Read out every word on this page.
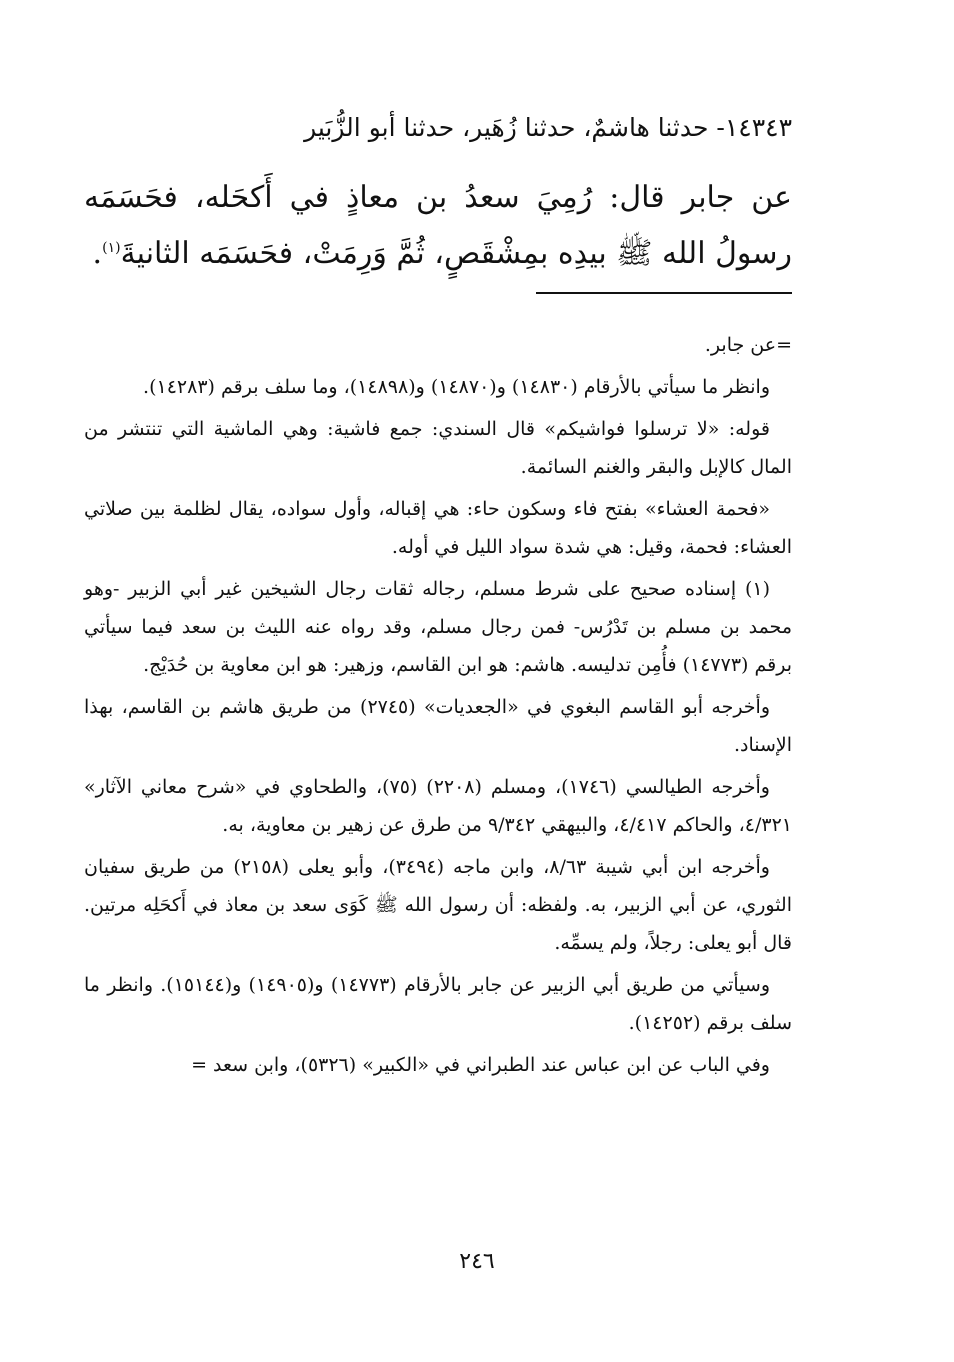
١٤٣٤٣- حدثنا هاشمٌ، حدثنا زُهَير، حدثنا أبو الزُّبَير
عن جابر قال: رُمِيَ سعدُ بن معاذٍ في أَكحَله، فحَسَمَه رسولُ الله ﷺ بيدِه بمِشْقَصٍ، ثُمَّ وَرِمَتْ، فحَسَمَه الثانيةَ$^{(١)}$.

=عن جابر.

وانظر ما سيأتي بالأرقام (١٤٨٣٠) و(١٤٨٧٠) و(١٤٨٩٨)، وما سلف برقم (١٤٢٨٣).

قوله: «لا ترسلوا فواشيكم» قال السندي: جمع فاشية: وهي الماشية التي تنتشر من المال كالإبل والبقر والغنم السائمة.

«فحمة العشاء» بفتح فاء وسكون حاء: هي إقباله، وأول سواده، يقال لظلمة بين صلاتي العشاء: فحمة، وقيل: هي شدة سواد الليل في أوله.

(١) إسناده صحيح على شرط مسلم، رجاله ثقات رجال الشيخين غير أبي الزبير -وهو محمد بن مسلم بن تَدْرُس- فمن رجال مسلم، وقد رواه عنه الليث بن سعد فيما سيأتي برقم (١٤٧٧٣) فأُمِن تدليسه. هاشم: هو ابن القاسم، وزهير: هو ابن معاوية بن حُدَيْج.

وأخرجه أبو القاسم البغوي في «الجعديات» (٢٧٤٥) من طريق هاشم بن القاسم، بهذا الإسناد.

وأخرجه الطيالسي (١٧٤٦)، ومسلم (٢٢٠٨) (٧٥)، والطحاوي في «شرح معاني الآثار» ٤/٣٢١، والحاكم ٤/٤١٧، والبيهقي ٩/٣٤٢ من طرق عن زهير بن معاوية، به.

وأخرجه ابن أبي شيبة ٨/٦٣، وابن ماجه (٣٤٩٤)، وأبو يعلى (٢١٥٨) من طريق سفيان الثوري، عن أبي الزبير، به. ولفظه: أن رسول الله ﷺ كَوَى سعد بن معاذ في أَكحَلِه مرتين. قال أبو يعلى: رجلاً، ولم يسمِّه.

وسيأتي من طريق أبي الزبير عن جابر بالأرقام (١٤٧٧٣) و(١٤٩٠٥) و(١٥١٤٤). وانظر ما سلف برقم (١٤٢٥٢).

وفي الباب عن ابن عباس عند الطبراني في «الكبير» (٥٣٢٦)، وابن سعد =

٢٤٦
